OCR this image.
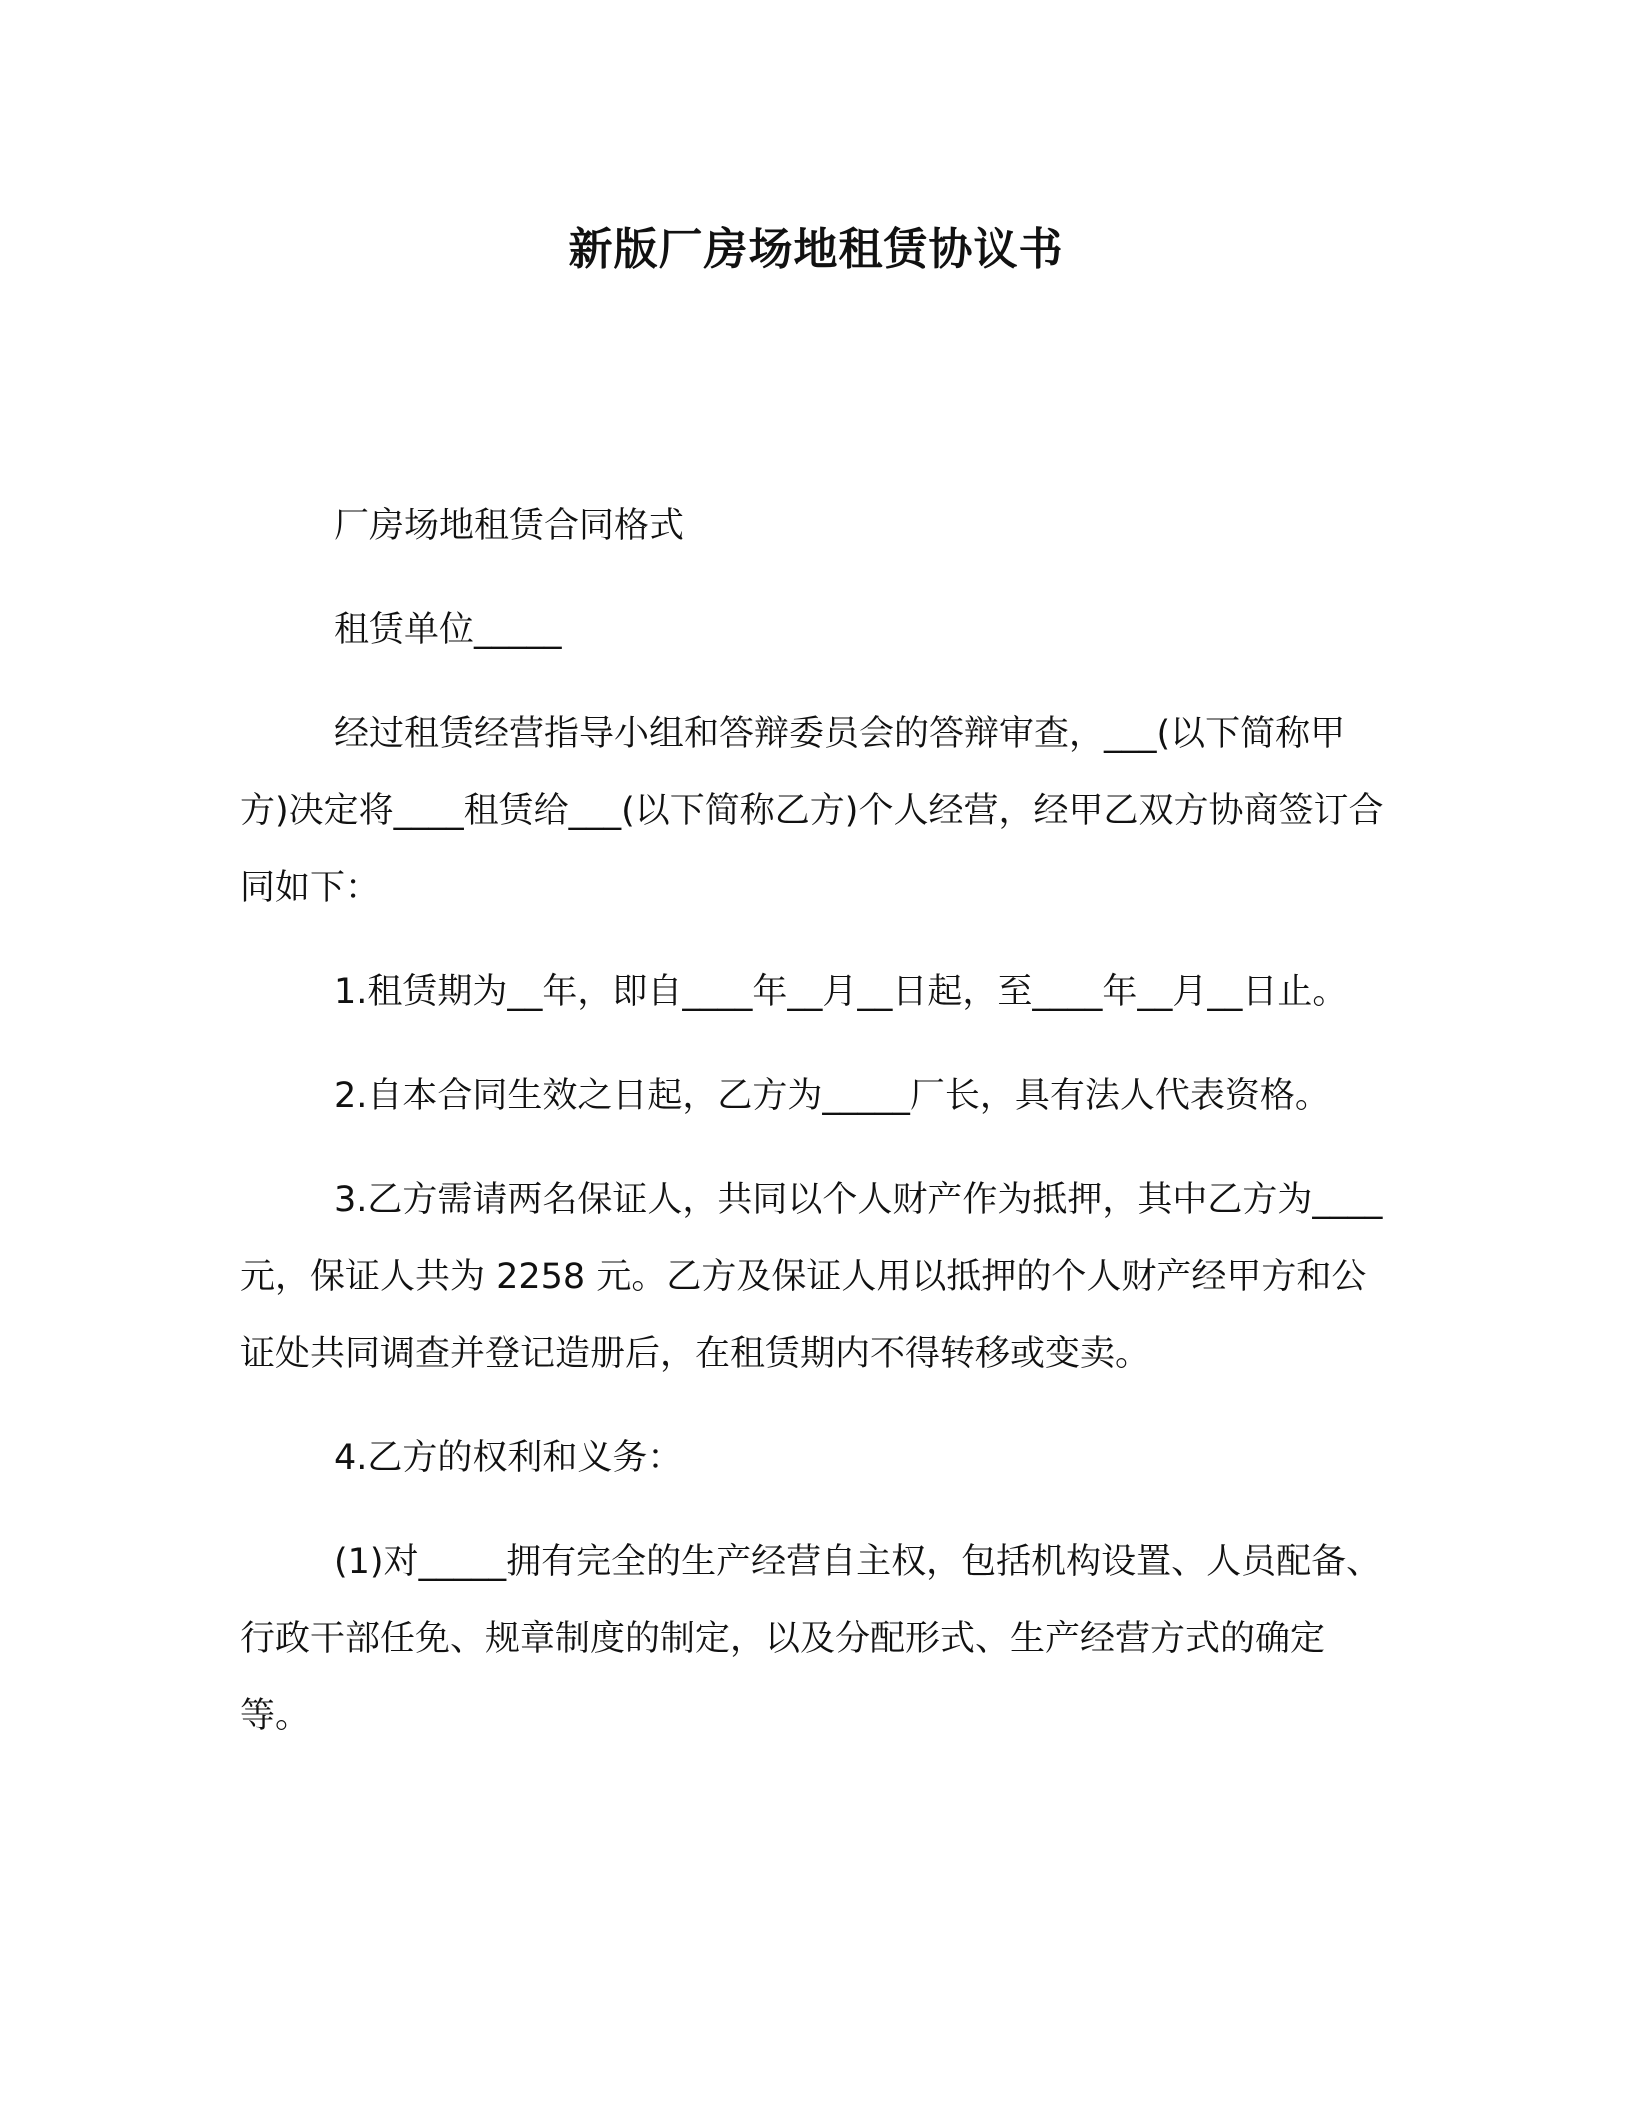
新版厂房场地租赁协议书

厂房场地租赁合同格式

租赁单位_____

经过租赁经营指导小组和答辩委员会的答辩审查，___(以下简称甲方)决定将____租赁给___(以下简称乙方)个人经营，经甲乙双方协商签订合同如下：

1.租赁期为__年，即自____年__月__日起，至____年__月__日止。

2.自本合同生效之日起，乙方为_____厂长，具有法人代表资格。

3.乙方需请两名保证人，共同以个人财产作为抵押，其中乙方为____元，保证人共为 2258 元。乙方及保证人用以抵押的个人财产经甲方和公证处共同调查并登记造册后，在租赁期内不得转移或变卖。

4.乙方的权利和义务：

(1)对_____拥有完全的生产经营自主权，包括机构设置、人员配备、行政干部任免、规章制度的制定，以及分配形式、生产经营方式的确定等。
